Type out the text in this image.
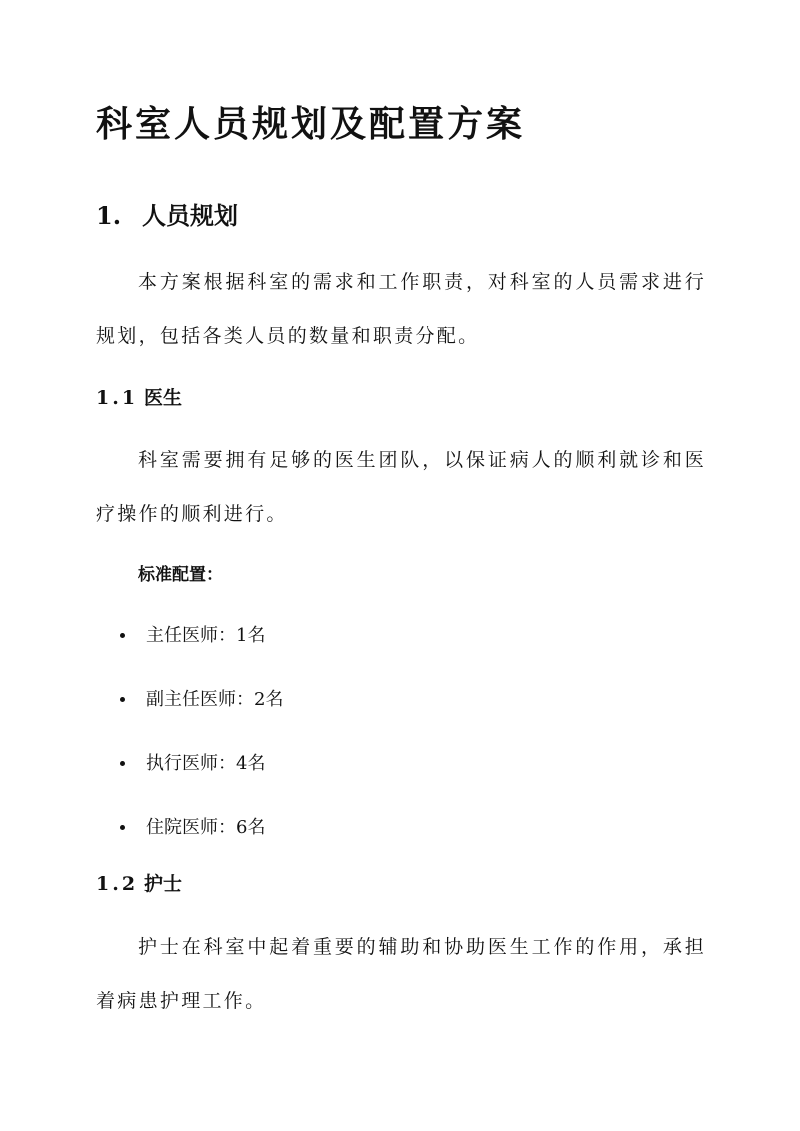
科室人员规划及配置方案
1. 人员规划
本方案根据科室的需求和工作职责，对科室的人员需求进行规划，包括各类人员的数量和职责分配。
1.1 医生
科室需要拥有足够的医生团队，以保证病人的顺利就诊和医疗操作的顺利进行。
标准配置：
主任医师：1名
副主任医师：2名
执行医师：4名
住院医师：6名
1.2 护士
护士在科室中起着重要的辅助和协助医生工作的作用，承担着病患护理工作。
